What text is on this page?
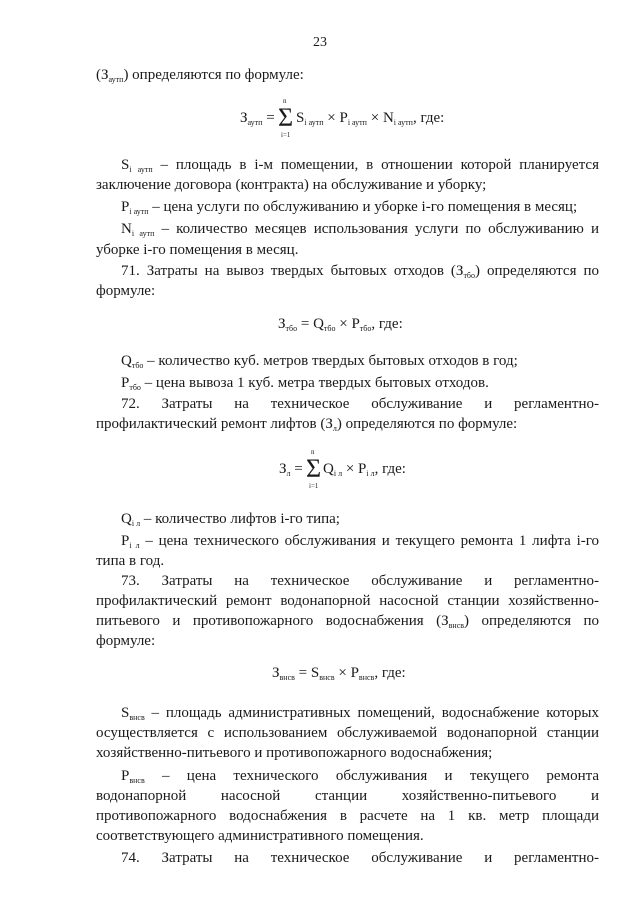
23
$(З_{аутп})$ определяются по формуле:
$З_{аутп}$ =
n
Σ
i=1
$S_{i аутп} \times P_{i аутп} \times N_{i аутп}$, где:
$S_{i аутп}$ – площадь в i-м помещении, в отношении которой планируется
заключение договора (контракта) на обслуживание и уборку;
$P_{i аутп}$ – цена услуги по обслуживанию и уборке i-го помещения в месяц;
$N_{i аутп}$ – количество месяцев использования услуги по обслуживанию и
уборке i-го помещения в месяц.
71. Затраты на вывоз твердых бытовых отходов $(З_{тбо})$ определяются по
формуле:
$З_{тбо} = Q_{тбо} \times P_{тбо}$, где:
$Q_{тбо}$ – количество куб. метров твердых бытовых отходов в год;
$P_{тбо}$ – цена вывоза 1 куб. метра твердых бытовых отходов.
72. Затраты на техническое обслуживание и регламентно-
профилактический ремонт лифтов $(З_л)$ определяются по формуле:
$З_л$ =
n
Σ
i=1
$Q_{i л} \times P_{i л}$, где:
$Q_{i л}$ – количество лифтов i-го типа;
$P_{i л}$ – цена технического обслуживания и текущего ремонта 1 лифта i-го
типа в год.
73. Затраты на техническое обслуживание и регламентно-
профилактический ремонт водонапорной насосной станции хозяйственно-
питьевого и противопожарного водоснабжения $(З_{внсв})$ определяются по
формуле:
$З_{внсв} = S_{внсв} \times P_{внсв}$, где:
$S_{внсв}$ – площадь административных помещений, водоснабжение которых
осуществляется с использованием обслуживаемой водонапорной станции
хозяйственно-питьевого и противопожарного водоснабжения;
$P_{внсв}$ – цена технического обслуживания и текущего ремонта
водонапорной насосной станции хозяйственно-питьевого и
противопожарного водоснабжения в расчете на 1 кв. метр площади
соответствующего административного помещения.
74. Затраты на техническое обслуживание и регламентно-
